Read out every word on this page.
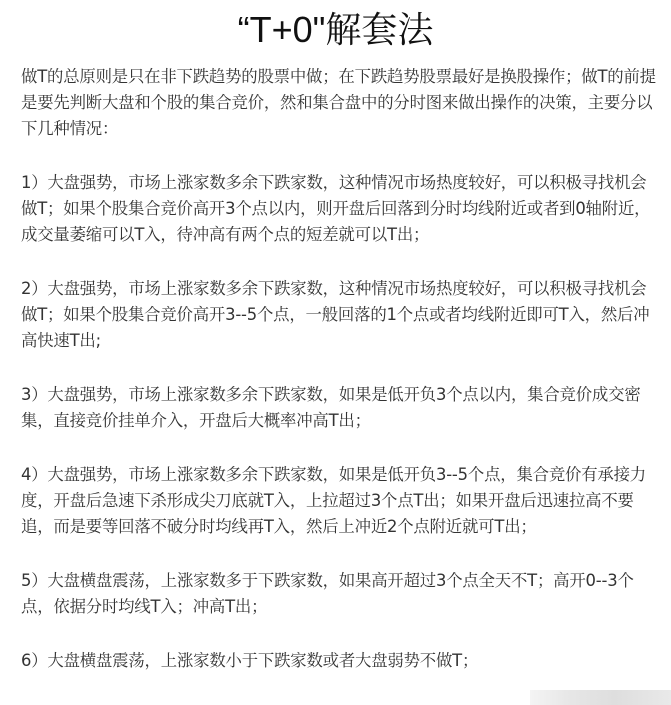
“T+0"解套法

做T的总原则是只在非下跌趋势的股票中做；在下跌趋势股票最好是换股操作；做T的前提是要先判断大盘和个股的集合竞价，然和集合盘中的分时图来做出操作的决策，主要分以下几种情况：

1）大盘强势，市场上涨家数多余下跌家数，这种情况市场热度较好，可以积极寻找机会做T；如果个股集合竞价高开3个点以内，则开盘后回落到分时均线附近或者到0轴附近，成交量萎缩可以T入，待冲高有两个点的短差就可以T出；

2）大盘强势，市场上涨家数多余下跌家数，这种情况市场热度较好，可以积极寻找机会做T；如果个股集合竞价高开3--5个点，一般回落的1个点或者均线附近即可T入，然后冲高快速T出;

3）大盘强势，市场上涨家数多余下跌家数，如果是低开负3个点以内，集合竞价成交密集，直接竞价挂单介入，开盘后大概率冲高T出；

4）大盘强势，市场上涨家数多余下跌家数，如果是低开负3--5个点，集合竞价有承接力度，开盘后急速下杀形成尖刀底就T入，上拉超过3个点T出；如果开盘后迅速拉高不要追，而是要等回落不破分时均线再T入，然后上冲近2个点附近就可T出；

5）大盘横盘震荡，上涨家数多于下跌家数，如果高开超过3个点全天不T；高开0--3个点，依据分时均线T入；冲高T出；

6）大盘横盘震荡，上涨家数小于下跌家数或者大盘弱势不做T；
